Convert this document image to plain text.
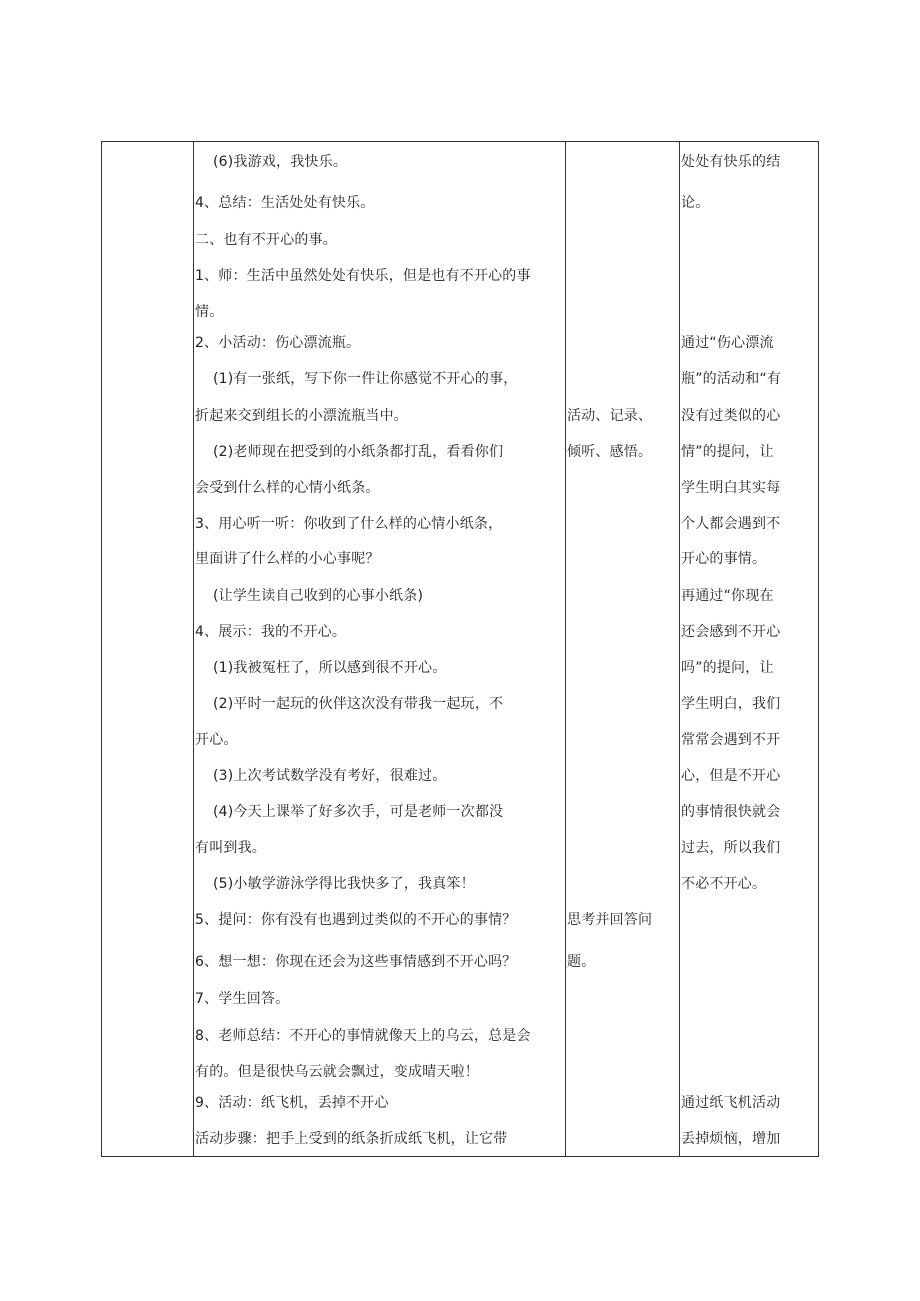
(6)我游戏，我快乐。
4、总结：生活处处有快乐。
二、也有不开心的事。
1、师：生活中虽然处处有快乐，但是也有不开心的事
情。
2、小活动：伤心漂流瓶。
(1)有一张纸，写下你一件让你感觉不开心的事，
折起来交到组长的小漂流瓶当中。
(2)老师现在把受到的小纸条都打乱，看看你们
会受到什么样的心情小纸条。
3、用心听一听：你收到了什么样的心情小纸条，
里面讲了什么样的小心事呢？
(让学生读自己收到的心事小纸条)
4、展示：我的不开心。
(1)我被冤枉了，所以感到很不开心。
(2)平时一起玩的伙伴这次没有带我一起玩，不
开心。
(3)上次考试数学没有考好，很难过。
(4)今天上课举了好多次手，可是老师一次都没
有叫到我。
(5)小敏学游泳学得比我快多了，我真笨！
5、提问：你有没有也遇到过类似的不开心的事情？
6、想一想：你现在还会为这些事情感到不开心吗？
7、学生回答。
8、老师总结：不开心的事情就像天上的乌云，总是会
有的。但是很快乌云就会飘过，变成晴天啦！
9、活动：纸飞机，丢掉不开心
活动步骤：把手上受到的纸条折成纸飞机，让它带
活动、记录、
倾听、感悟。
思考并回答问
题。
处处有快乐的结
论。
通过“伤心漂流
瓶”的活动和“有
没有过类似的心
情”的提问，让
学生明白其实每
个人都会遇到不
开心的事情。
再通过“你现在
还会感到不开心
吗”的提问，让
学生明白，我们
常常会遇到不开
心，但是不开心
的事情很快就会
过去，所以我们
不必不开心。
通过纸飞机活动
丢掉烦恼，增加
